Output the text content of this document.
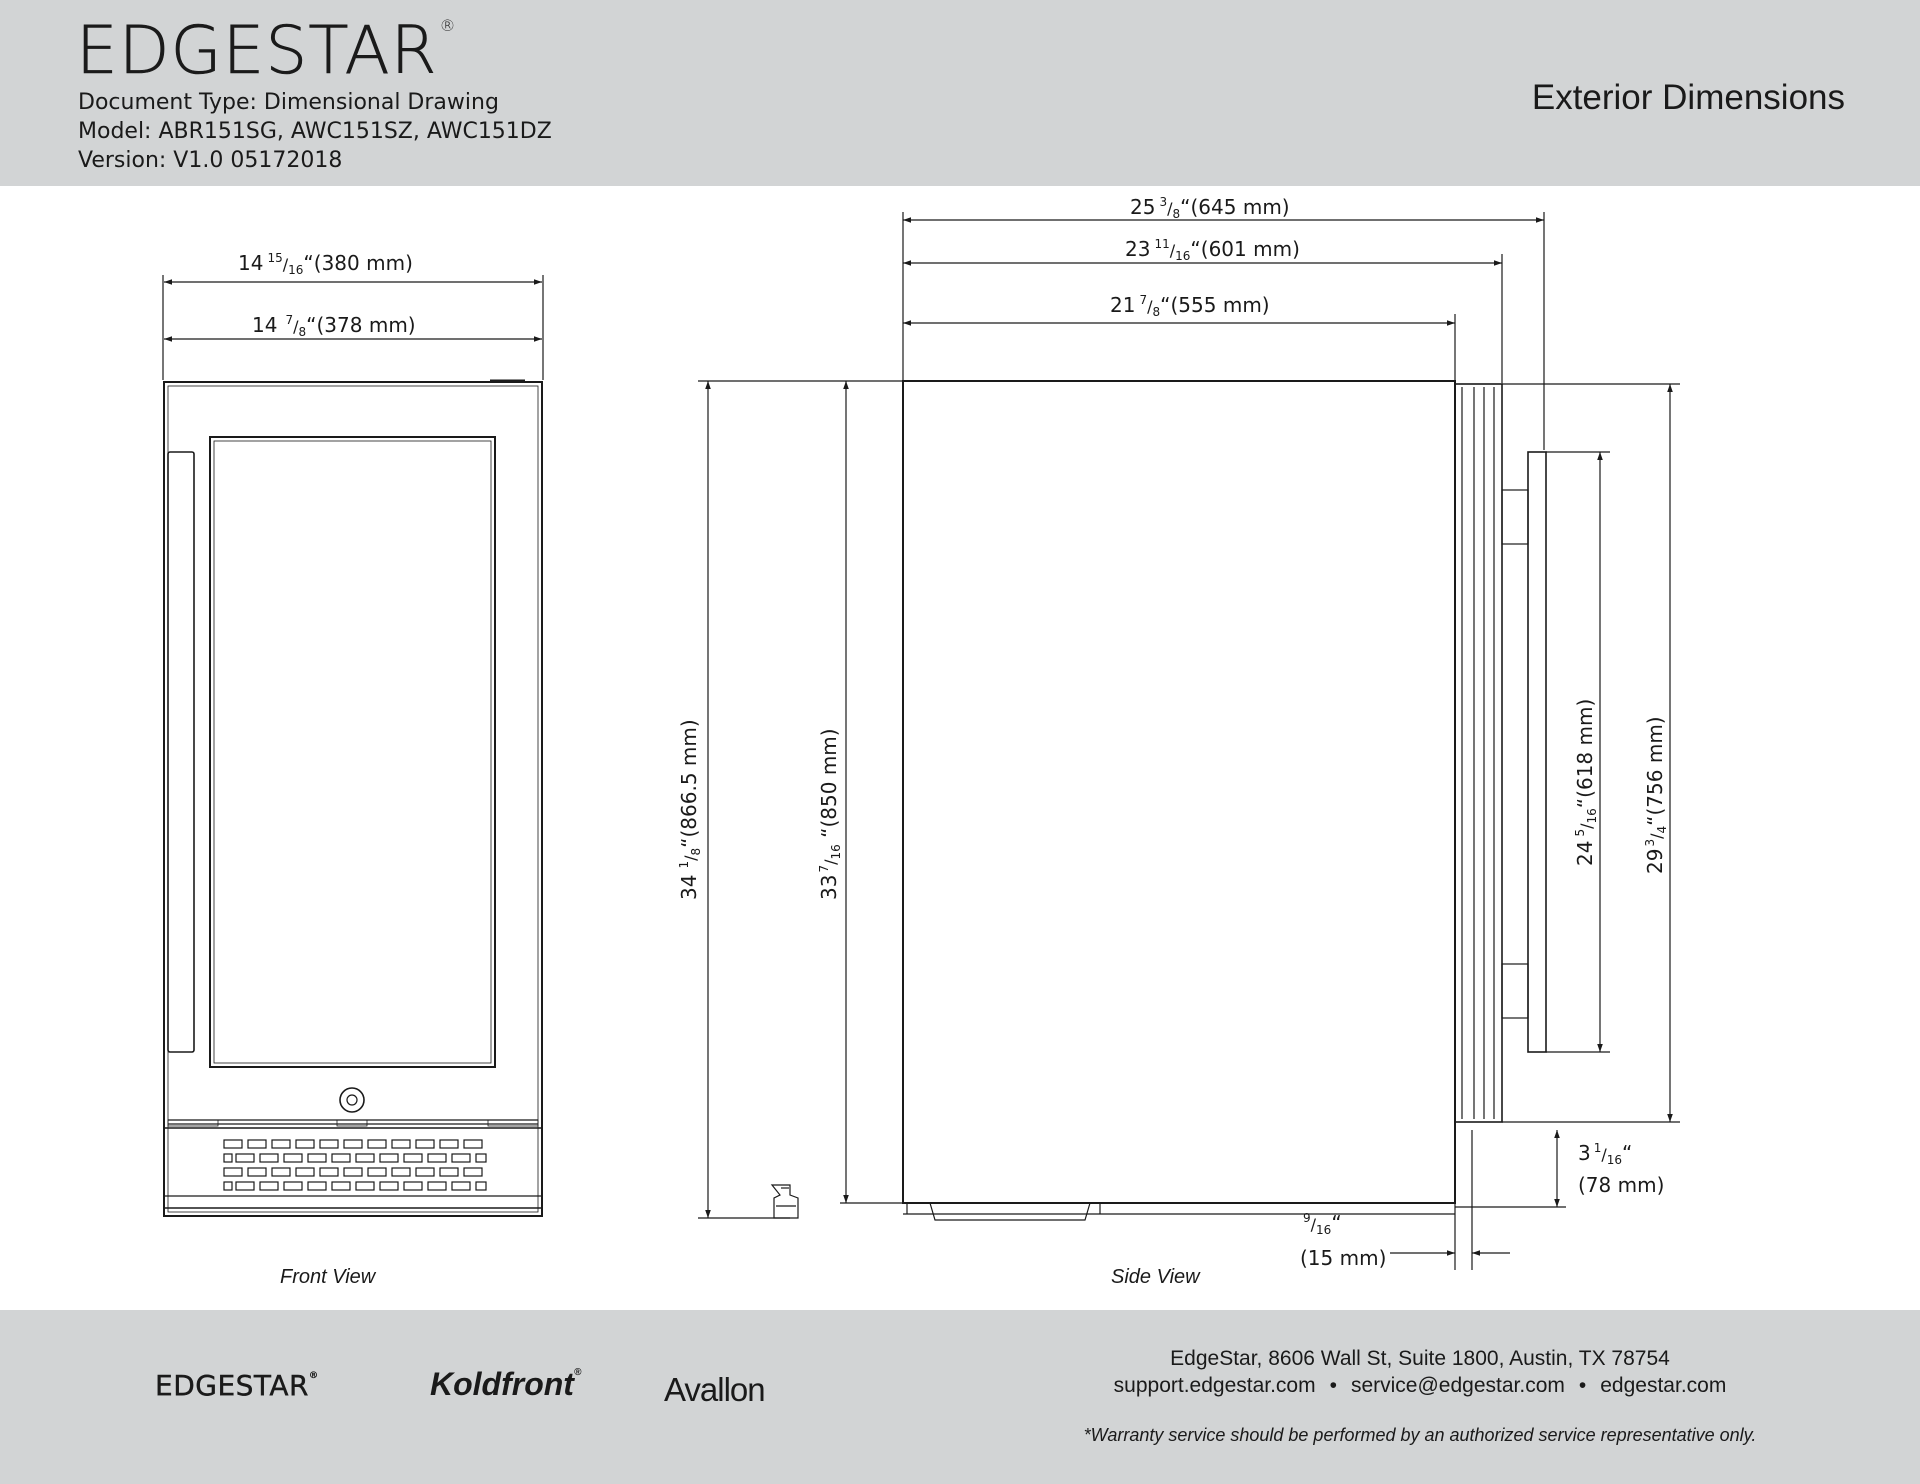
EDGESTAR ®
Document Type: Dimensional Drawing
Model: ABR151SG, AWC151SZ, AWC151DZ
Version: V1.0 05172018
Exterior Dimensions
14 $^{15}_{/16}$“(380 mm)
14 $^7_{/8}$“(378 mm)
25 $^3_{/8}$“(645 mm)
23 $^{11}_{/16}$“(601 mm)
21 $^7_{/8}$“(555 mm)
$34^1_{/8}“(866.5$ mm)
$33^7_{/16}$ “(850 mm)
$24^5_{/16}“(618$ mm)
$29^3_{/4}“(756$ mm)
3 $^1_{/16}$“
(78 mm)
$^9_{/16}$“
(15 mm)
Front View	Side View
EDGESTAR®	Koldfront®	Avallon
EdgeStar, 8606 Wall St, Suite 1800, Austin, TX 78754
support.edgestar.com • service@edgestar.com • edgestar.com
*Warranty service should be performed by an authorized service representative only.
